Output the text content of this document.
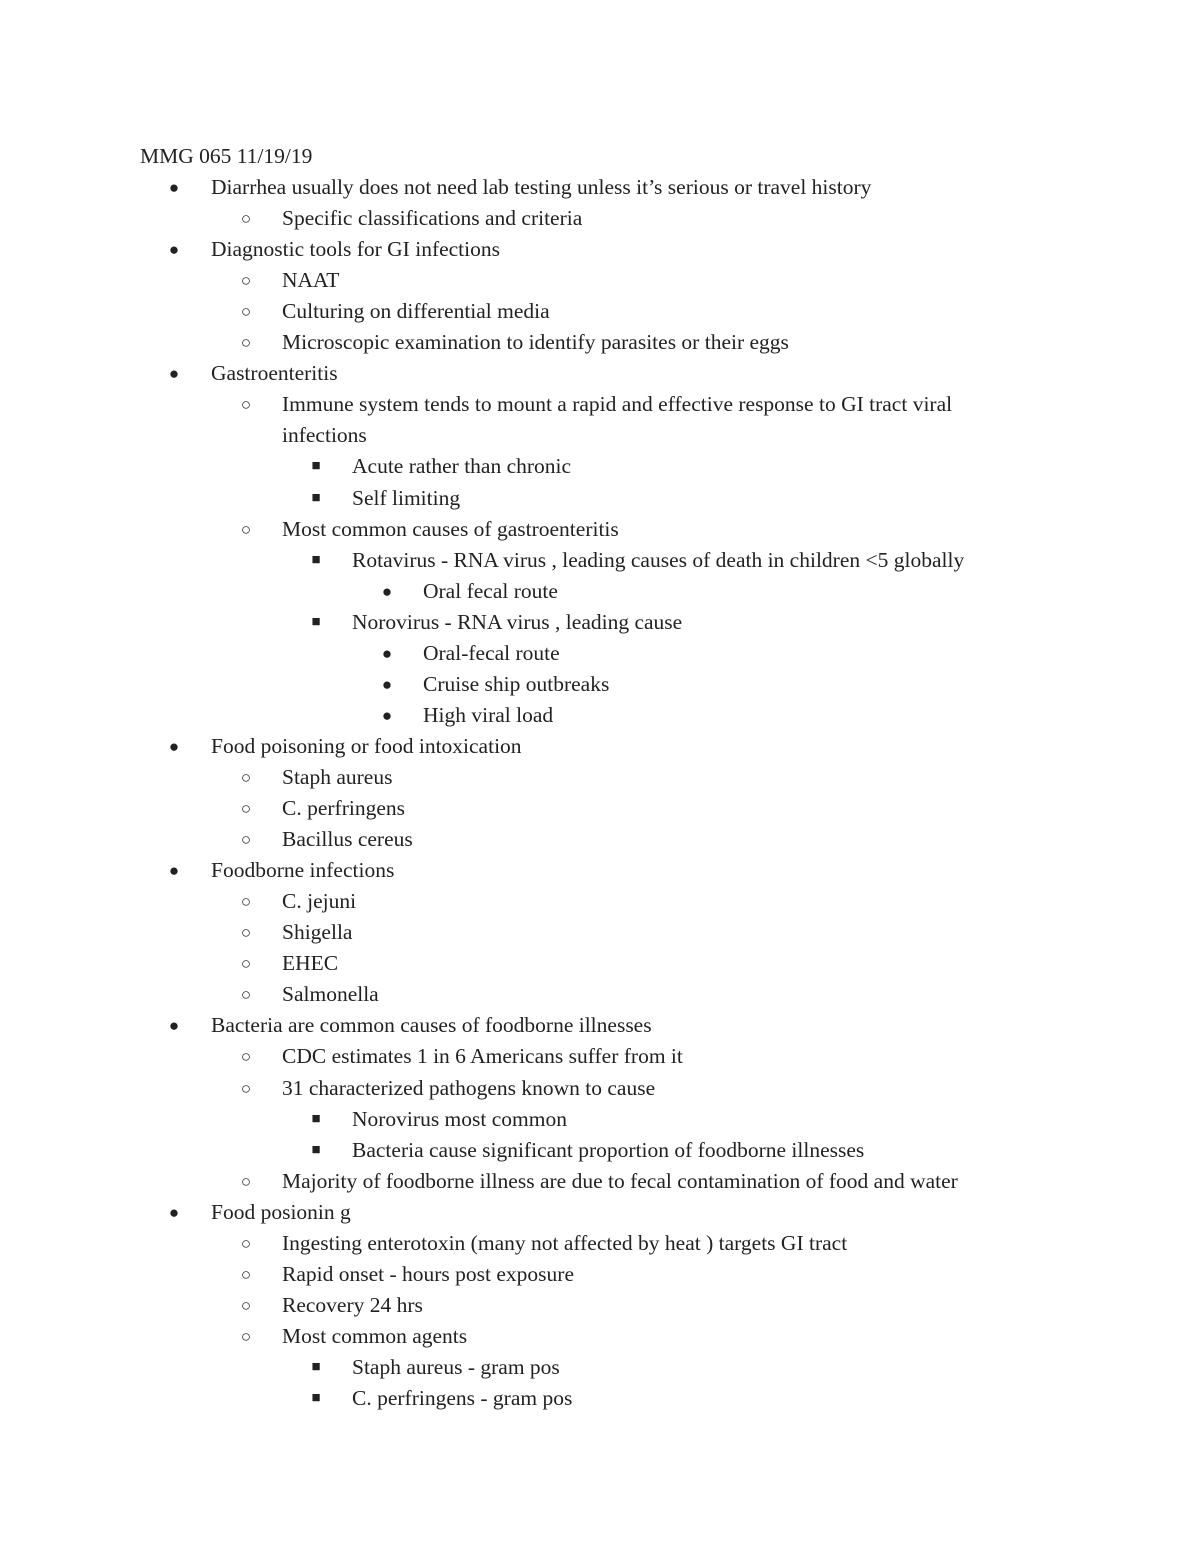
MMG 065 11/19/19
● Diarrhea usually does not need lab testing unless it’s serious or travel history
○ Specific classifications and criteria
● Diagnostic tools for GI infections
○ NAAT
○ Culturing on differential media
○ Microscopic examination to identify parasites or their eggs
● Gastroenteritis
○ Immune system tends to mount a rapid and effective response to GI tract viral
infections
■ Acute rather than chronic
■ Self limiting
○ Most common causes of gastroenteritis
■ Rotavirus - RNA virus , leading causes of death in children <5 globally
● Oral fecal route
■ Norovirus - RNA virus , leading cause
● Oral-fecal route
● Cruise ship outbreaks
● High viral load
● Food poisoning or food intoxication
○ Staph aureus
○ C. perfringens
○ Bacillus cereus
● Foodborne infections
○ C. jejuni
○ Shigella
○ EHEC
○ Salmonella
● Bacteria are common causes of foodborne illnesses
○ CDC estimates 1 in 6 Americans suffer from it
○ 31 characterized pathogens known to cause
■ Norovirus most common
■ Bacteria cause significant proportion of foodborne illnesses
○ Majority of foodborne illness are due to fecal contamination of food and water
● Food posionin g
○ Ingesting enterotoxin (many not affected by heat ) targets GI tract
○ Rapid onset - hours post exposure
○ Recovery 24 hrs
○ Most common agents
■ Staph aureus - gram pos
■ C. perfringens - gram pos
